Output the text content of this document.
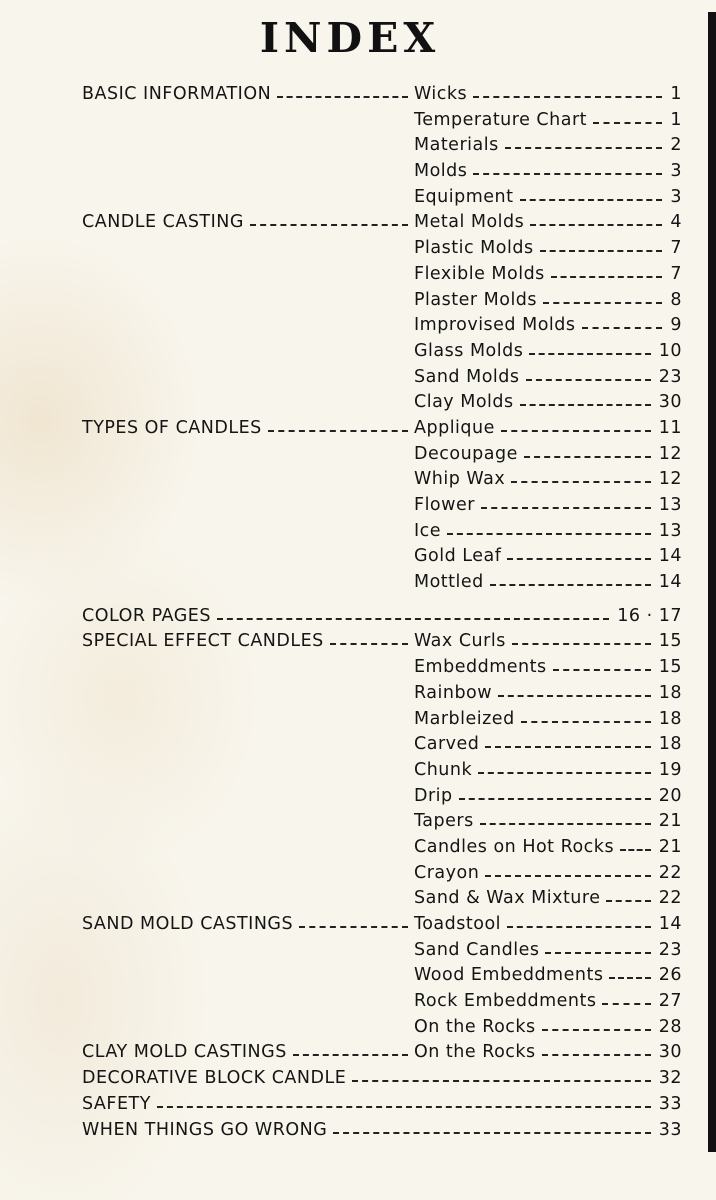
INDEX
BASIC INFORMATION	Wicks	1
Temperature Chart	1
Materials	2
Molds	3
Equipment	3
CANDLE CASTING	Metal Molds	4
Plastic Molds	7
Flexible Molds	7
Plaster Molds	8
Improvised Molds	9
Glass Molds	10
Sand Molds	23
Clay Molds	30
TYPES OF CANDLES	Applique	11
Decoupage	12
Whip Wax	12
Flower	13
Ice	13
Gold Leaf	14
Mottled	14
COLOR PAGES	16 · 17
SPECIAL EFFECT CANDLES	Wax Curls	15
Embeddments	15
Rainbow	18
Marbleized	18
Carved	18
Chunk	19
Drip	20
Tapers	21
Candles on Hot Rocks	21
Crayon	22
Sand & Wax Mixture	22
SAND MOLD CASTINGS	Toadstool	14
Sand Candles	23
Wood Embeddments	26
Rock Embeddments	27
On the Rocks	28
CLAY MOLD CASTINGS	On the Rocks	30
DECORATIVE BLOCK CANDLE	32
SAFETY	33
WHEN THINGS GO WRONG	33
